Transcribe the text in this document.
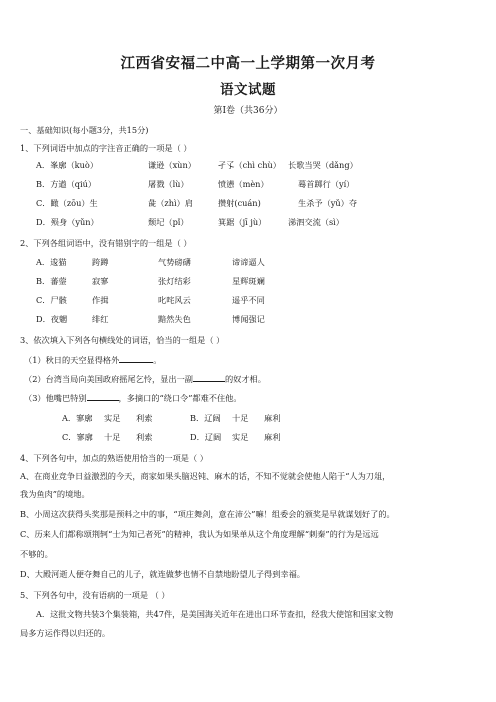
江西省安福二中高一上学期第一次月考
语文试题
第Ⅰ卷（共36分）
一、基础知识(每小题3分，共15分)
1、下列词语中加点的字注音正确的一项是（ ）
A．峯廓（kuò）	谦逊（xùn）	孑孓（chì chù） 长歌当哭（dǎng）
B．方遒（qiú）	屠戮（lù）	愤懑（mèn）	蓦首踯行（yí）
C．瞰（zōu）生	彘（zhì）肩	攒射(cuán)	生杀予（yǔ）夺
D．殒身（yǔn）	颓圮（pǐ）	箕踞（jī jù）	涕泗交流（sì）
2、下列各组词语中，没有错别字的一组是（ ）
A．逡猫	跨蹲	气势磅礴	谛谛逼人
B．蕃蓥	寂寥	张灯结彩	星辉斑斓
C．尸骸	作揖	叱咤风云	遥乎不同
D．夜魍	绯红	黯然失色	博闻强记
3、依次填入下列各句横线处的词语，恰当的一组是（ ）
（1）秋日的天空显得格外	。
（2）台湾当局向美国政府摇尾乞怜，显出一副	的奴才相。
（3）他嘴巴特别	，多摘口的“绕口令”都难不住他。
A．寥廓 实足 利索	B．辽阔 十足 麻利
C．寥廓 十足 利索	D．辽阔 实足 麻利
4、下列各句中，加点的熟语使用恰当的一项是（ ）
A、在商业竞争日益激烈的今天，商家如果头脑迟钝、麻木的话，不知不觉就会使他人陷于“人为刀俎，
我为鱼肉”的境地。
B、小周这次获得头奖那是预料之中的事，“项庄舞剑，意在沛公”嘛！组委会的颁奖是早就谋划好了的。
C、历来人们都称颂荆轲“士为知己者死”的精神，我认为如果单从这个角度理解“刺秦”的行为是远远
不够的。
D、大殿河逝人便夺舞自己的儿子，就连做梦也情不自禁地盼望儿子得到幸福。
5、下列各句中，没有语病的一项是 （ ）
A．这批文物共装3个集装箱，共47件，是美国海关近年在进出口环节查扣，经我大使馆和国家文物
局多方运作得以归还的。
